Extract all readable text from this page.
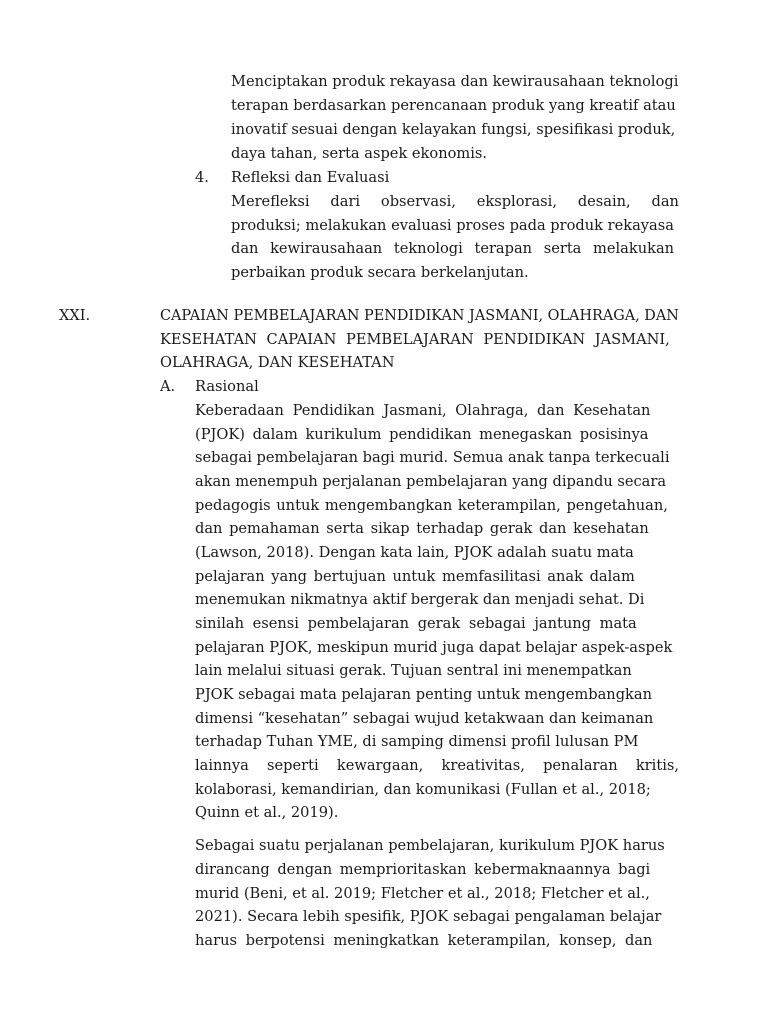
Menciptakan produk rekayasa dan kewirausahaan teknologi
terapan berdasarkan perencanaan produk yang kreatif atau
inovatif sesuai dengan kelayakan fungsi, spesifikasi produk,
daya tahan, serta aspek ekonomis.
4. Refleksi dan Evaluasi
Merefleksi dari observasi, eksplorasi, desain, dan
produksi; melakukan evaluasi proses pada produk rekayasa
dan kewirausahaan teknologi terapan serta melakukan
perbaikan produk secara berkelanjutan.
XXI.	CAPAIAN PEMBELAJARAN PENDIDIKAN JASMANI, OLAHRAGA, DAN
KESEHATAN CAPAIAN PEMBELAJARAN PENDIDIKAN JASMANI,
OLAHRAGA, DAN KESEHATAN
A. Rasional
Keberadaan Pendidikan Jasmani, Olahraga, dan Kesehatan
(PJOK) dalam kurikulum pendidikan menegaskan posisinya
sebagai pembelajaran bagi murid. Semua anak tanpa terkecuali
akan menempuh perjalanan pembelajaran yang dipandu secara
pedagogis untuk mengembangkan keterampilan, pengetahuan,
dan pemahaman serta sikap terhadap gerak dan kesehatan
(Lawson, 2018). Dengan kata lain, PJOK adalah suatu mata
pelajaran yang bertujuan untuk memfasilitasi anak dalam
menemukan nikmatnya aktif bergerak dan menjadi sehat. Di
sinilah esensi pembelajaran gerak sebagai jantung mata
pelajaran PJOK, meskipun murid juga dapat belajar aspek-aspek
lain melalui situasi gerak. Tujuan sentral ini menempatkan
PJOK sebagai mata pelajaran penting untuk mengembangkan
dimensi “kesehatan” sebagai wujud ketakwaan dan keimanan
terhadap Tuhan YME, di samping dimensi profil lulusan PM
lainnya seperti kewargaan, kreativitas, penalaran kritis,
kolaborasi, kemandirian, dan komunikasi (Fullan et al., 2018;
Quinn et al., 2019).
Sebagai suatu perjalanan pembelajaran, kurikulum PJOK harus
dirancang dengan memprioritaskan kebermaknaannya bagi
murid (Beni, et al. 2019; Fletcher et al., 2018; Fletcher et al.,
2021). Secara lebih spesifik, PJOK sebagai pengalaman belajar
harus berpotensi meningkatkan keterampilan, konsep, dan
